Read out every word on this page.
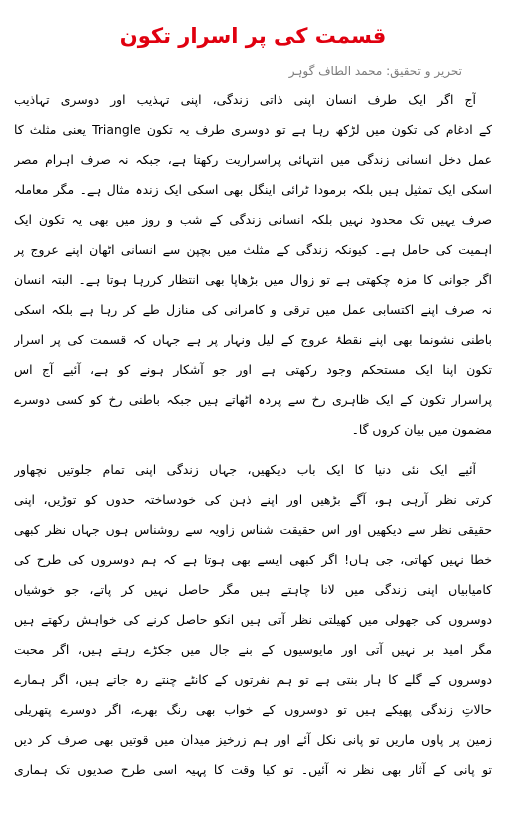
قسمت کی پر اسرار تکون
تحریر و تحقیق: محمد الطاف گوہر
آج اگر ایک طرف انسان اپنی ذاتی زندگی، اپنی تہذیب اور دوسری تہاذیب
کے ادغام کی تکون میں لڑکھ رہا ہے تو دوسری طرف یہ تکون Triangle یعنی مثلث کا
عمل دخل انسانی زندگی میں انتہائی پراسراریت رکھتا ہے، جبکہ نہ صرف اہرام مصر
اسکی ایک تمثیل ہیں بلکہ برمودا ٹرائی اینگل بھی اسکی ایک زندہ مثال ہے۔ مگر معاملہ
صرف یہیں تک محدود نہیں بلکہ انسانی زندگی کے شب و روز میں بھی یہ تکون ایک
اہمیت کی حامل ہے۔ کیونکہ زندگی کے مثلث میں بچپن سے انسانی اٹھان اپنے عروج پر
اگر جوانی کا مزہ چکھتی ہے تو زوال میں بڑھاپا بھی انتظار کررہا ہوتا ہے۔ البتہ انسان
نہ صرف اپنے اکتسابی عمل میں ترقی و کامرانی کی منازل طے کر رہا ہے بلکہ اسکی
باطنی نشونما بھی اپنے نقطۂ عروج کے لیل ونہار پر ہے جہاں کہ قسمت کی پر اسرار
تکون اپنا ایک مستحکم وجود رکھتی ہے اور جو آشکار ہونے کو ہے، آئیے آج اس
پراسرار تکون کے ایک ظاہری رخ سے پردہ اٹھاتے ہیں جبکہ باطنی رخ کو کسی دوسرے
مضمون میں بیان کروں گا۔
آئیے ایک نئی دنیا کا ایک باب دیکھیں، جہاں زندگی اپنی تمام جلوتیں نچھاور
کرتی نظر آرہی ہو، آگے بڑھیں اور اپنے ذہن کی خودساختہ حدوں کو توڑیں، اپنی
حقیقی نظر سے دیکھیں اور اس حقیقت شناس زاویہ سے روشناس ہوں جہاں نظر کبھی
خطا نہیں کھاتی، جی ہاں! اگر کبھی ایسے بھی ہوتا ہے کہ ہم دوسروں کی طرح کی
کامیابیاں اپنی زندگی میں لانا چاہتے ہیں مگر حاصل نہیں کر پاتے، جو خوشیاں
دوسروں کی جھولی میں کھیلتی نظر آتی ہیں انکو حاصل کرنے کی خواہش رکھتے ہیں
مگر امید بر نہیں آتی اور مایوسیوں کے بنے جال میں جکڑے رہتے ہیں، اگر محبت
دوسروں کے گلے کا ہار بنتی ہے تو ہم نفرتوں کے کانٹے چنتے رہ جاتے ہیں، اگر ہمارے
حالاتِ زندگی پھیکے ہیں تو دوسروں کے خواب بھی رنگ بھرے، اگر دوسرے پتھریلی
زمین پر پاوں ماریں تو پانی نکل آئے اور ہم زرخیز میدان میں قوتیں بھی صرف کر دیں
تو پانی کے آثار بھی نظر نہ آئیں۔ تو کیا وقت کا پہیہ اسی طرح صدیوں تک ہماری
